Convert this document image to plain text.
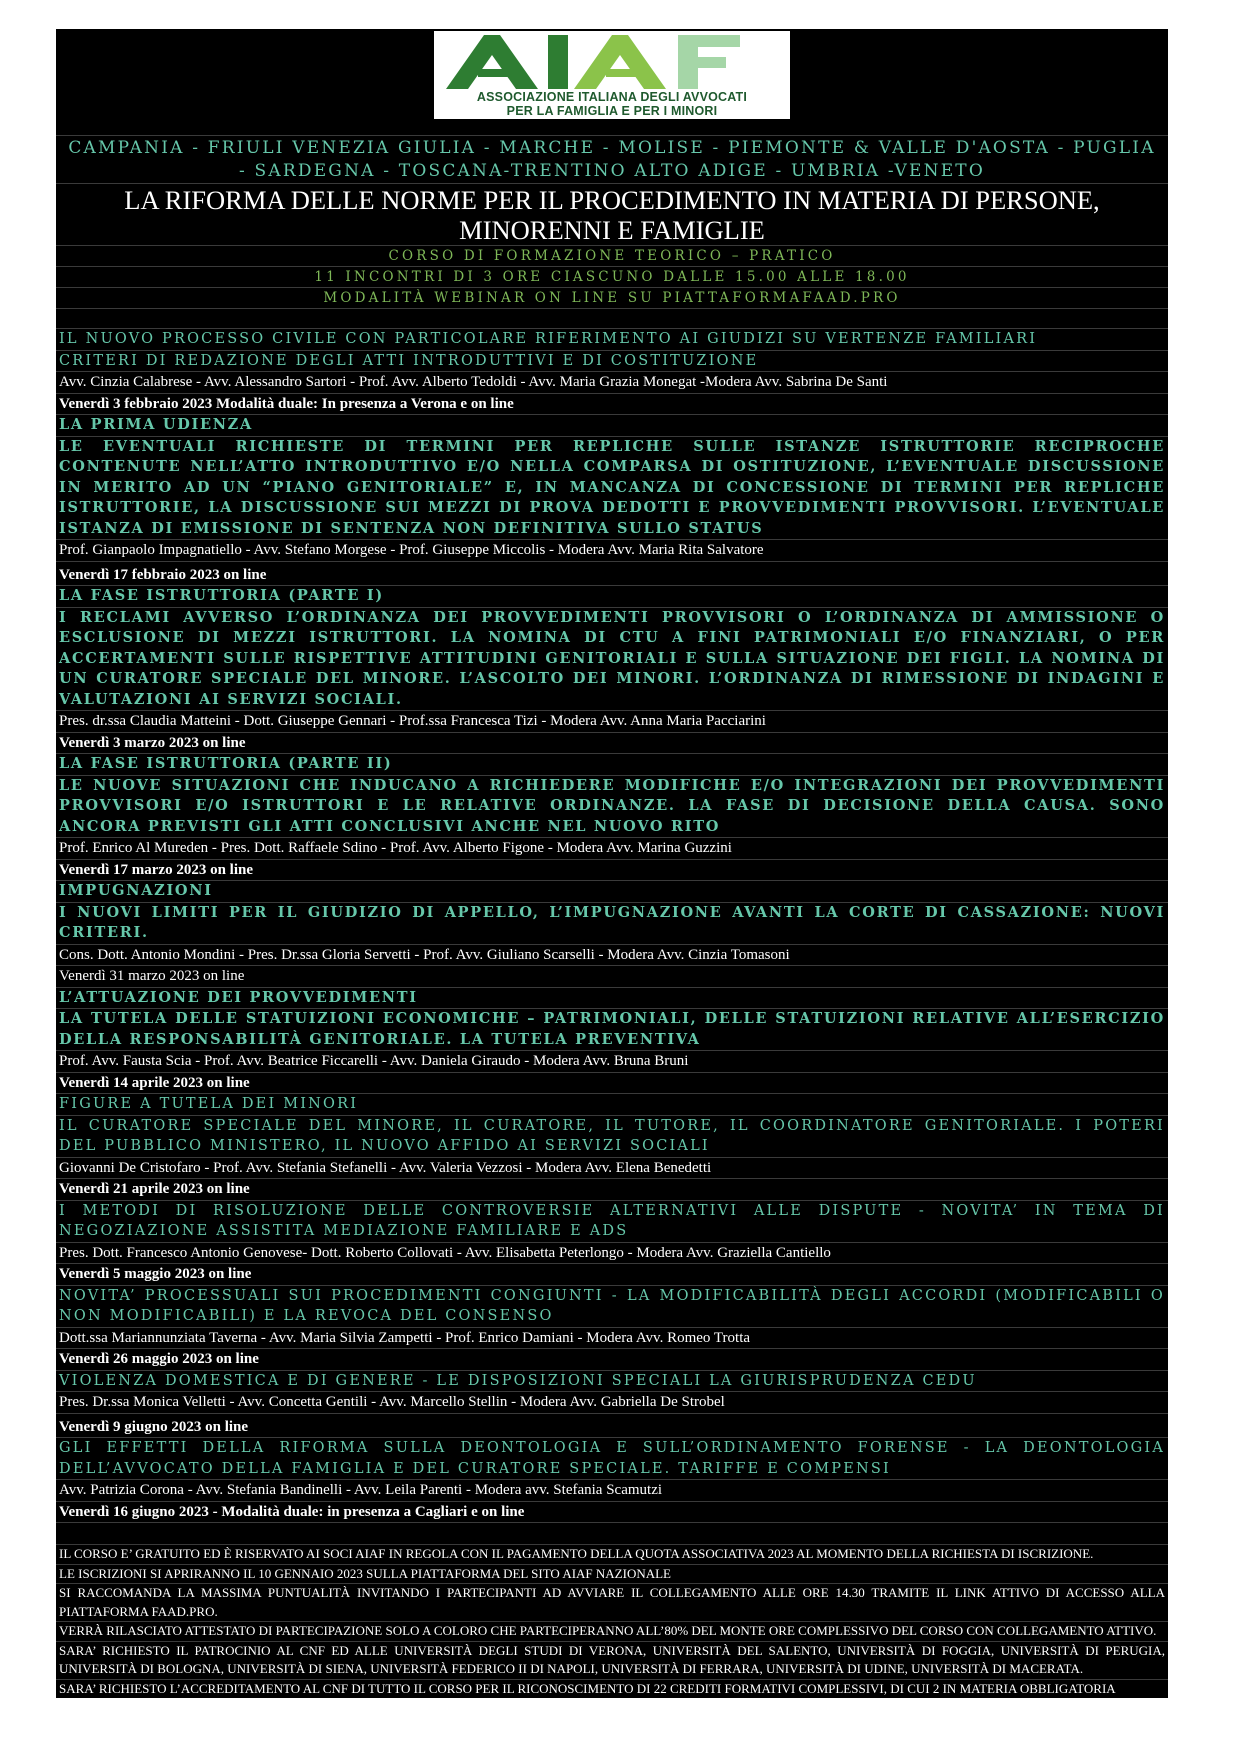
ASSOCIAZIONE ITALIANA DEGLI AVVOCATI
PER LA FAMIGLIA E PER I MINORI
CAMPANIA - FRIULI VENEZIA GIULIA - MARCHE - MOLISE - PIEMONTE & VALLE D'AOSTA - PUGLIA - SARDEGNA - TOSCANA-TRENTINO ALTO ADIGE - UMBRIA -VENETO
LA RIFORMA DELLE NORME PER IL PROCEDIMENTO IN MATERIA DI PERSONE, MINORENNI E FAMIGLIE
CORSO DI FORMAZIONE TEORICO – PRATICO
11 INCONTRI DI 3 ORE CIASCUNO DALLE 15.00 ALLE 18.00
MODALITÀ WEBINAR ON LINE SU PIATTAFORMAFAAD.PRO
IL NUOVO PROCESSO CIVILE CON PARTICOLARE RIFERIMENTO AI GIUDIZI SU VERTENZE FAMILIARI
CRITERI DI REDAZIONE DEGLI ATTI INTRODUTTIVI E DI COSTITUZIONE
Avv. Cinzia Calabrese - Avv. Alessandro Sartori - Prof. Avv. Alberto Tedoldi - Avv. Maria Grazia Monegat -Modera Avv. Sabrina De Santi
Venerdì 3 febbraio 2023 Modalità duale: In presenza a Verona e on line
LA PRIMA UDIENZA
LE EVENTUALI RICHIESTE DI TERMINI PER REPLICHE SULLE ISTANZE ISTRUTTORIE RECIPROCHE CONTENUTE NELL’ATTO INTRODUTTIVO E/O NELLA COMPARSA DI OSTITUZIONE, L’EVENTUALE DISCUSSIONE IN MERITO AD UN “PIANO GENITORIALE” E, IN MANCANZA DI CONCESSIONE DI TERMINI PER REPLICHE ISTRUTTORIE, LA DISCUSSIONE SUI MEZZI DI PROVA DEDOTTI E PROVVEDIMENTI PROVVISORI. L’EVENTUALE ISTANZA DI EMISSIONE DI SENTENZA NON DEFINITIVA SULLO STATUS
Prof. Gianpaolo Impagnatiello - Avv. Stefano Morgese - Prof. Giuseppe Miccolis - Modera Avv. Maria Rita Salvatore
Venerdì 17 febbraio 2023 on line
LA FASE ISTRUTTORIA (PARTE I)
I RECLAMI AVVERSO L’ORDINANZA DEI PROVVEDIMENTI PROVVISORI O L’ORDINANZA DI AMMISSIONE O ESCLUSIONE DI MEZZI ISTRUTTORI. LA NOMINA DI CTU A FINI PATRIMONIALI E/O FINANZIARI, O PER ACCERTAMENTI SULLE RISPETTIVE ATTITUDINI GENITORIALI E SULLA SITUAZIONE DEI FIGLI. LA NOMINA DI UN CURATORE SPECIALE DEL MINORE. L’ASCOLTO DEI MINORI. L’ORDINANZA DI RIMESSIONE DI INDAGINI E VALUTAZIONI AI SERVIZI SOCIALI.
Pres. dr.ssa Claudia Matteini - Dott. Giuseppe Gennari - Prof.ssa Francesca Tizi - Modera Avv. Anna Maria Pacciarini
Venerdì 3 marzo 2023 on line
LA FASE ISTRUTTORIA (PARTE II)
LE NUOVE SITUAZIONI CHE INDUCANO A RICHIEDERE MODIFICHE E/O INTEGRAZIONI DEI PROVVEDIMENTI PROVVISORI E/O ISTRUTTORI E LE RELATIVE ORDINANZE. LA FASE DI DECISIONE DELLA CAUSA. SONO ANCORA PREVISTI GLI ATTI CONCLUSIVI ANCHE NEL NUOVO RITO
Prof. Enrico Al Mureden - Pres. Dott. Raffaele Sdino - Prof. Avv. Alberto Figone - Modera Avv. Marina Guzzini
Venerdì 17 marzo 2023 on line
IMPUGNAZIONI
I NUOVI LIMITI PER IL GIUDIZIO DI APPELLO, L’IMPUGNAZIONE AVANTI LA CORTE DI CASSAZIONE: NUOVI CRITERI.
Cons. Dott. Antonio Mondini - Pres. Dr.ssa Gloria Servetti - Prof. Avv. Giuliano Scarselli - Modera Avv. Cinzia Tomasoni
Venerdì 31 marzo 2023 on line
L’ATTUAZIONE DEI PROVVEDIMENTI
LA TUTELA DELLE STATUIZIONI ECONOMICHE – PATRIMONIALI, DELLE STATUIZIONI RELATIVE ALL’ESERCIZIO DELLA RESPONSABILITÀ GENITORIALE. LA TUTELA PREVENTIVA
Prof. Avv. Fausta Scia - Prof. Avv. Beatrice Ficcarelli - Avv. Daniela Giraudo - Modera Avv. Bruna Bruni
Venerdì 14 aprile 2023 on line
FIGURE A TUTELA DEI MINORI
IL CURATORE SPECIALE DEL MINORE, IL CURATORE, IL TUTORE, IL COORDINATORE GENITORIALE. I POTERI DEL PUBBLICO MINISTERO, IL NUOVO AFFIDO AI SERVIZI SOCIALI
Giovanni De Cristofaro - Prof. Avv. Stefania Stefanelli - Avv. Valeria Vezzosi - Modera Avv. Elena Benedetti
Venerdì 21 aprile 2023 on line
I METODI DI RISOLUZIONE DELLE CONTROVERSIE ALTERNATIVI ALLE DISPUTE - NOVITA’ IN TEMA DI NEGOZIAZIONE ASSISTITA MEDIAZIONE FAMILIARE E ADS
Pres. Dott. Francesco Antonio Genovese- Dott. Roberto Collovati - Avv. Elisabetta Peterlongo - Modera Avv. Graziella Cantiello
Venerdì 5 maggio 2023 on line
NOVITA’ PROCESSUALI SUI PROCEDIMENTI CONGIUNTI - LA MODIFICABILITÀ DEGLI ACCORDI (MODIFICABILI O NON MODIFICABILI) E LA REVOCA DEL CONSENSO
Dott.ssa Mariannunziata Taverna - Avv. Maria Silvia Zampetti - Prof. Enrico Damiani - Modera Avv. Romeo Trotta
Venerdì 26 maggio 2023 on line
VIOLENZA DOMESTICA E DI GENERE - LE DISPOSIZIONI SPECIALI LA GIURISPRUDENZA CEDU
Pres. Dr.ssa Monica Velletti - Avv. Concetta Gentili - Avv. Marcello Stellin - Modera Avv. Gabriella De Strobel
Venerdì 9 giugno 2023 on line
GLI EFFETTI DELLA RIFORMA SULLA DEONTOLOGIA E SULL’ORDINAMENTO FORENSE - LA DEONTOLOGIA DELL’AVVOCATO DELLA FAMIGLIA E DEL CURATORE SPECIALE. TARIFFE E COMPENSI
Avv. Patrizia Corona - Avv. Stefania Bandinelli - Avv. Leila Parenti - Modera avv. Stefania Scamutzi
Venerdì 16 giugno 2023 - Modalità duale: in presenza a Cagliari e on line
IL CORSO E’ GRATUITO ED È RISERVATO AI SOCI AIAF IN REGOLA CON IL PAGAMENTO DELLA QUOTA ASSOCIATIVA 2023 AL MOMENTO DELLA RICHIESTA DI ISCRIZIONE.
LE ISCRIZIONI SI APRIRANNO IL 10 GENNAIO 2023 SULLA PIATTAFORMA DEL SITO AIAF NAZIONALE
SI RACCOMANDA LA MASSIMA PUNTUALITÀ INVITANDO I PARTECIPANTI AD AVVIARE IL COLLEGAMENTO ALLE ORE 14.30 TRAMITE IL LINK ATTIVO DI ACCESSO ALLA PIATTAFORMA FAAD.PRO.
VERRÀ RILASCIATO ATTESTATO DI PARTECIPAZIONE SOLO A COLORO CHE PARTECIPERANNO ALL’80% DEL MONTE ORE COMPLESSIVO DEL CORSO CON COLLEGAMENTO ATTIVO.
SARA’ RICHIESTO IL PATROCINIO AL CNF ED ALLE UNIVERSITÀ DEGLI STUDI DI VERONA, UNIVERSITÀ DEL SALENTO, UNIVERSITÀ DI FOGGIA, UNIVERSITÀ DI PERUGIA, UNIVERSITÀ DI BOLOGNA, UNIVERSITÀ DI SIENA, UNIVERSITÀ FEDERICO II DI NAPOLI, UNIVERSITÀ DI FERRARA, UNIVERSITÀ DI UDINE, UNIVERSITÀ DI MACERATA.
SARA’ RICHIESTO L’ACCREDITAMENTO AL CNF DI TUTTO IL CORSO PER IL RICONOSCIMENTO DI 22 CREDITI FORMATIVI COMPLESSIVI, DI CUI 2 IN MATERIA OBBLIGATORIA
